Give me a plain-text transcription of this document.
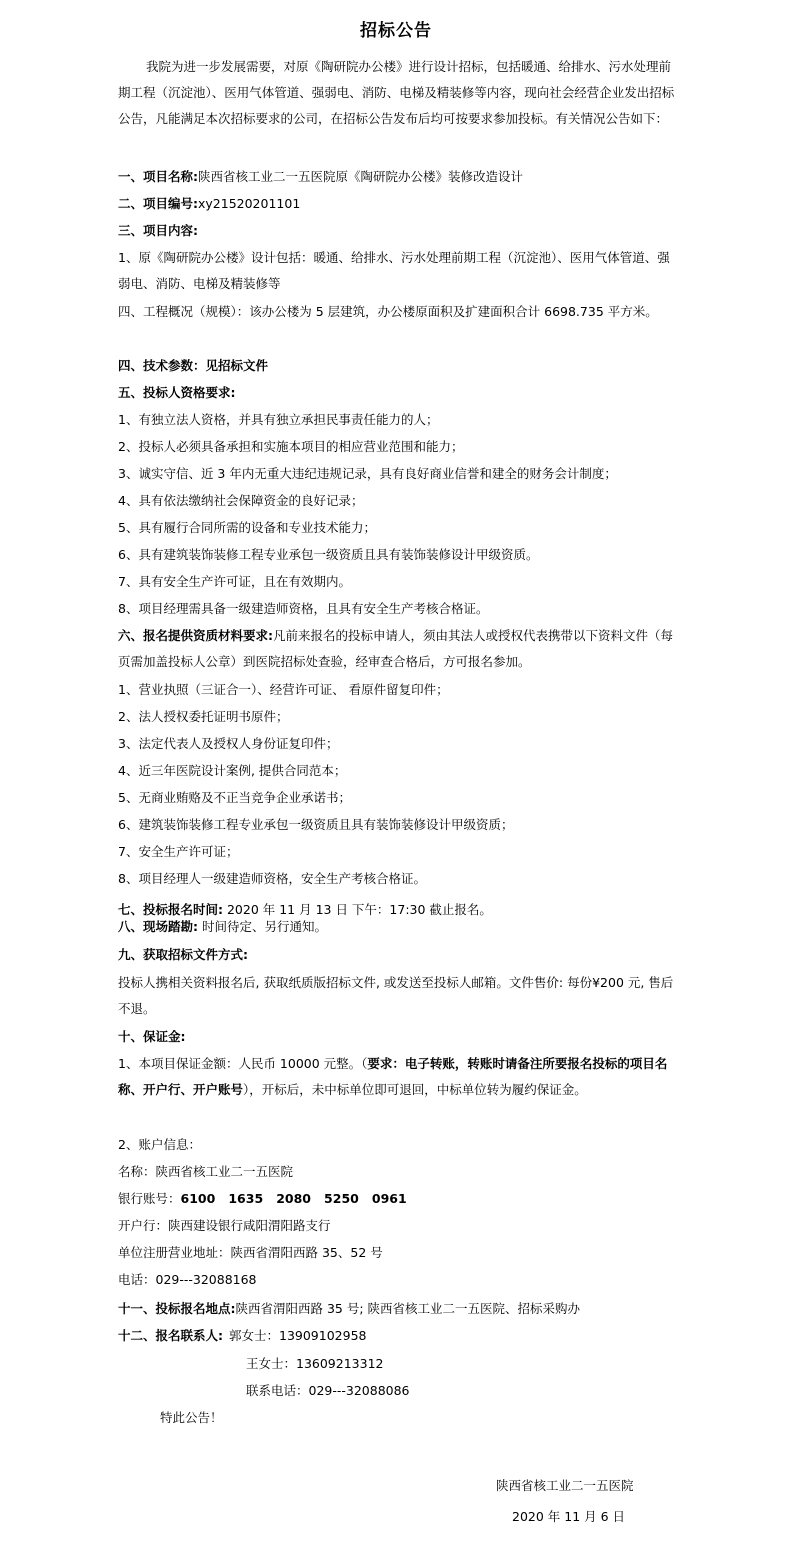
招标公告

我院为进一步发展需要，对原《陶研院办公楼》进行设计招标，包括暖通、给排水、污水处理前期工程（沉淀池）、医用气体管道、强弱电、消防、电梯及精装修等内容，现向社会经营企业发出招标公告，凡能满足本次招标要求的公司，在招标公告发布后均可按要求参加投标。有关情况公告如下：

一、项目名称:陕西省核工业二一五医院原《陶研院办公楼》装修改造设计
二、项目编号:xy21520201101
三、项目内容:

1、原《陶研院办公楼》设计包括：暖通、给排水、污水处理前期工程（沉淀池）、医用气体管道、强弱电、消防、电梯及精装修等

四、工程概况（规模）：该办公楼为 5 层建筑，办公楼原面积及扩建面积合计 6698.735 平方米。

四、技术参数：见招标文件
五、投标人资格要求:
1、有独立法人资格，并具有独立承担民事责任能力的人；
2、投标人必须具备承担和实施本项目的相应营业范围和能力；
3、诚实守信、近 3 年内无重大违纪违规记录，具有良好商业信誉和建全的财务会计制度；
4、具有依法缴纳社会保障资金的良好记录；
5、具有履行合同所需的设备和专业技术能力；
6、具有建筑装饰装修工程专业承包一级资质且具有装饰装修设计甲级资质。
7、具有安全生产许可证，且在有效期内。
8、项目经理需具备一级建造师资格，且具有安全生产考核合格证。

六、报名提供资质材料要求:凡前来报名的投标申请人，须由其法人或授权代表携带以下资料文件（每页需加盖投标人公章）到医院招标处查验，经审查合格后，方可报名参加。

1、营业执照（三证合一）、经营许可证、 看原件留复印件；
2、法人授权委托证明书原件；
3、法定代表人及授权人身份证复印件；
4、近三年医院设计案例, 提供合同范本；
5、无商业贿赂及不正当竞争企业承诺书；
6、建筑装饰装修工程专业承包一级资质且具有装饰装修设计甲级资质；
7、安全生产许可证；
8、项目经理人一级建造师资格，安全生产考核合格证。
七、投标报名时间: 2020 年 11 月 13 日 下午：17:30 截止报名。
八、现场踏勘: 时间待定、另行通知。
九、获取招标文件方式:

投标人携相关资料报名后, 获取纸质版招标文件, 或发送至投标人邮箱。文件售价: 每份¥200 元, 售后不退。

十、保证金:

1、本项目保证金额：人民币 10000 元整。（要求：电子转账，转账时请备注所要报名投标的项目名称、开户行、开户账号），开标后，未中标单位即可退回，中标单位转为履约保证金。

2、账户信息：
名称：陕西省核工业二一五医院
银行账号：6100   1635   2080   5250   0961
开户行：陕西建设银行咸阳渭阳路支行
单位注册营业地址：陕西省渭阳西路 35、52 号
电话：029---32088168
十一、投标报名地点:陕西省渭阳西路 35 号; 陕西省核工业二一五医院、招标采购办
十二、报名联系人: 郭女士：13909102958
王女士：13609213312
联系电话：029---32088086
特此公告！
陕西省核工业二一五医院
2020 年 11 月 6 日
